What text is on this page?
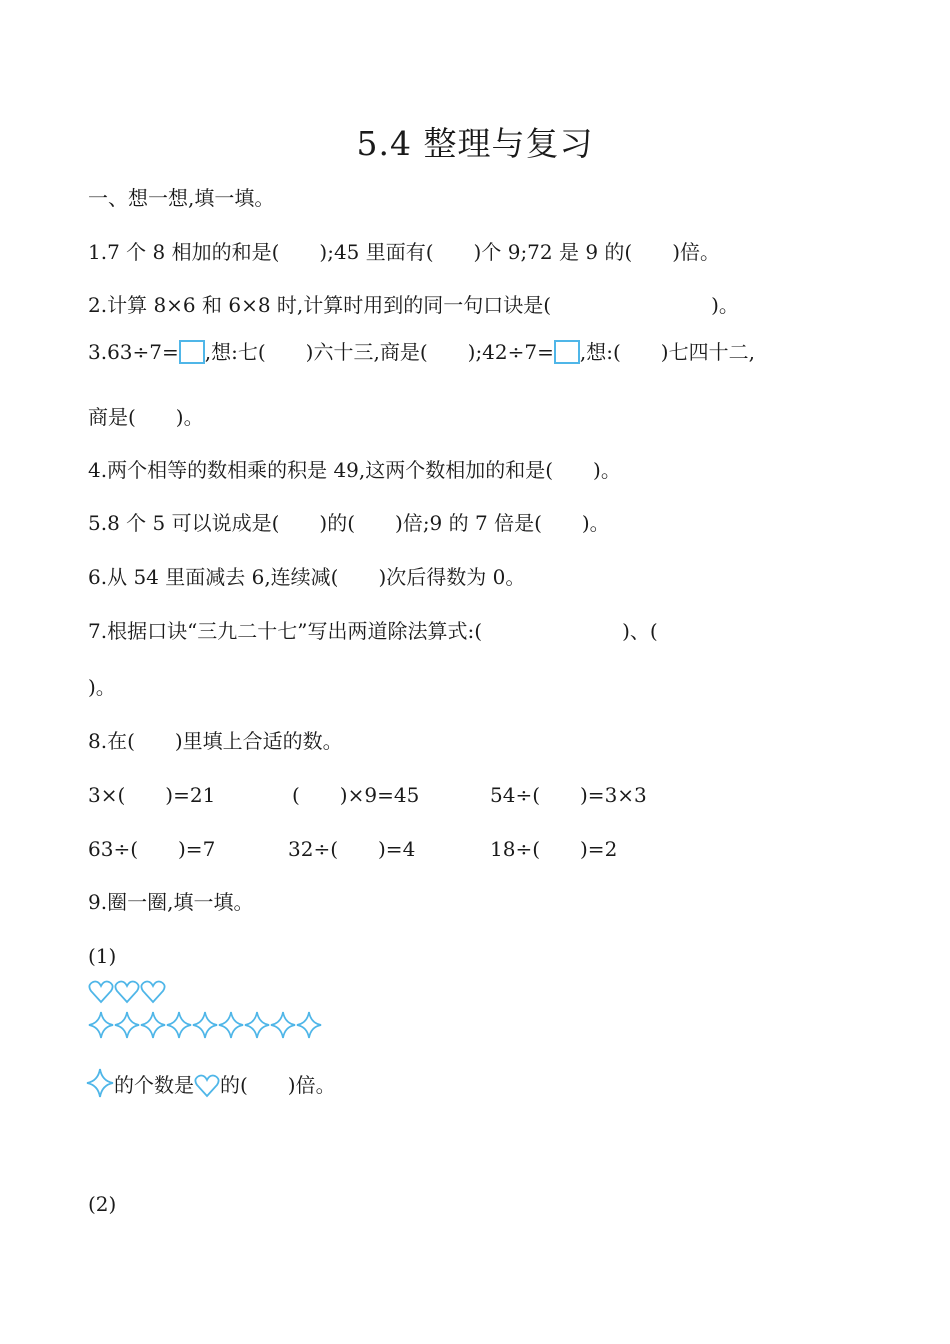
5.4 整理与复习
一、想一想,填一填。
1.7 个 8 相加的和是(　　);45 里面有(　　)个 9;72 是 9 的(　　)倍。
2.计算 8×6 和 6×8 时,计算时用到的同一句口诀是(　　　　　　　　)。
3.63÷7= ,想:七(　　)六十三,商是(　　);42÷7= ,想:(　　)七四十二,
商是(　　)。
4.两个相等的数相乘的积是 49,这两个数相加的和是(　　)。
5.8 个 5 可以说成是(　　)的(　　)倍;9 的 7 倍是(　　)。
6.从 54 里面减去 6,连续减(　　)次后得数为 0。
7.根据口诀“三九二十七”写出两道除法算式:(　　　　　　　)、(
)。
8.在(　　)里填上合适的数。
3×(　　)=21	(　　)×9=45	54÷(　　)=3×3
63÷(　　)=7	32÷(　　)=4	18÷(　　)=2
9.圈一圈,填一填。
(1)
的个数是 的(　　)倍。
(2)
